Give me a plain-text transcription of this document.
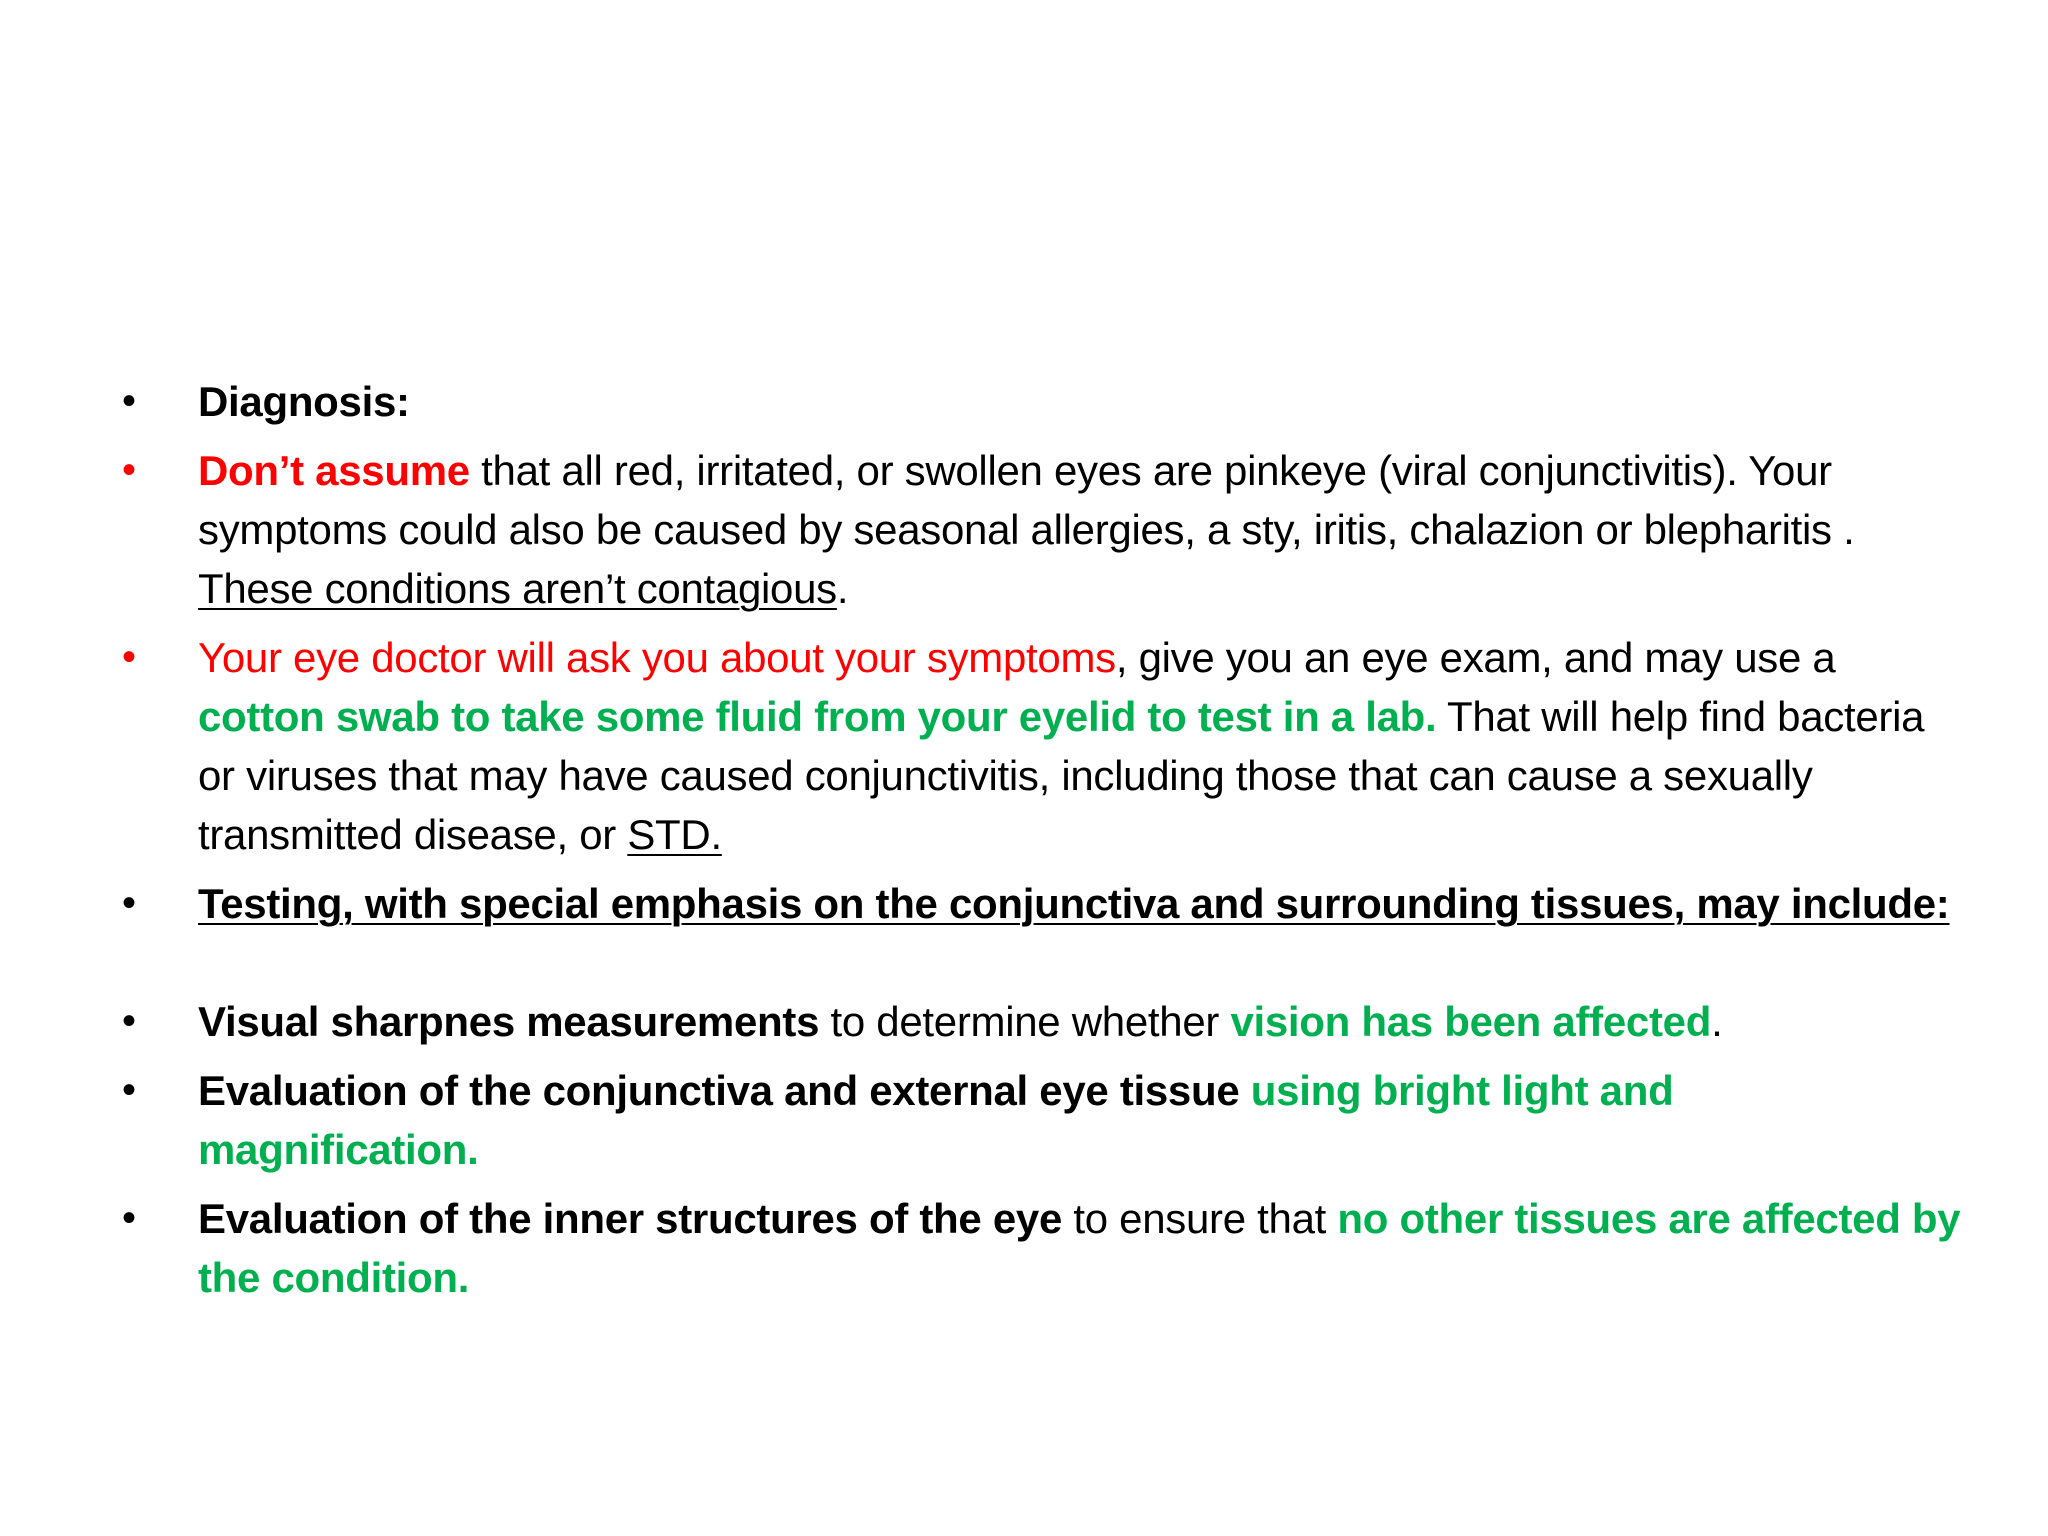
•	Diagnosis:
•	Don’t assume that all red, irritated, or swollen eyes are pinkeye (viral conjunctivitis). Your symptoms could also be caused by seasonal allergies, a sty, iritis, chalazion or blepharitis . These conditions aren’t contagious.
•	Your eye doctor will ask you about your symptoms, give you an eye exam, and may use a cotton swab to take some fluid from your eyelid to test in a lab. That will help find bacteria or viruses that may have caused conjunctivitis, including those that can cause a sexually transmitted disease, or STD.
•	Testing, with special emphasis on the conjunctiva and surrounding tissues, may include:
•	Visual sharpnes measurements to determine whether vision has been affected.
•	Evaluation of the conjunctiva and external eye tissue using bright light and magnification.
•	Evaluation of the inner structures of the eye to ensure that no other tissues are affected by the condition.
